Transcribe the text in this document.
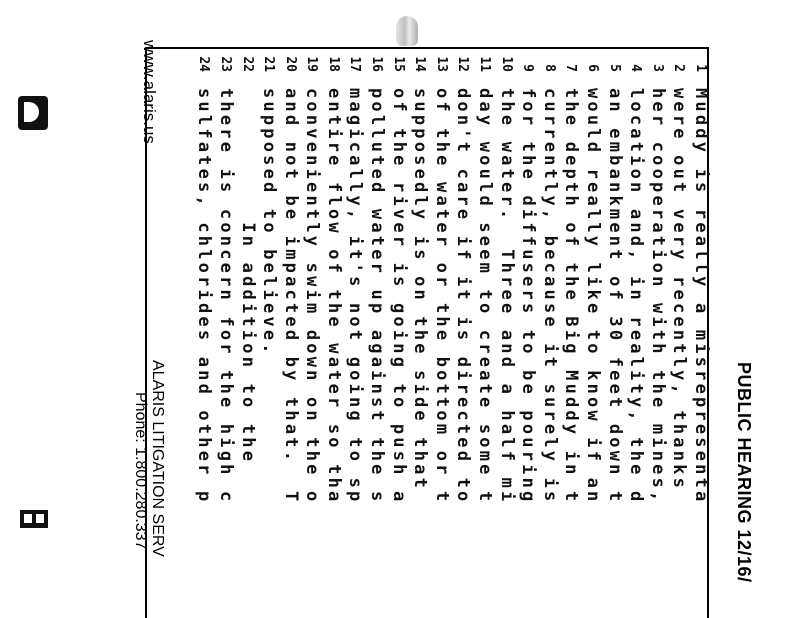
PUBLIC HEARING 12/16/
1
Muddy is really a misrepresenta
2
were out very recently, thanks
3
her cooperation with the mines,
4
location and, in reality, the d
5
an embankment of 30 feet down t
6
would really like to know if an
7
the depth of the Big Muddy in t
8
currently, because it surely is
9
for the diffusers to be pouring
10
the water.  Three and a half mi
11
day would seem to create some t
12
don't care if it is directed to
13
of the water or the bottom or t
14
supposedly is on the side that
15
of the river is going to push a
16
polluted water up against the s
17
magically, it's not going to sp
18
entire flow of the water so tha
19
conveniently swim down on the o
20
and not be impacted by that.  T
21
supposed to believe.
22
In addition to the
23
there is concern for the high c
24
sulfates, chlorides and other p
www.alaris.us
ALARIS LITIGATION SERV
Phone: 1.800.280.337
